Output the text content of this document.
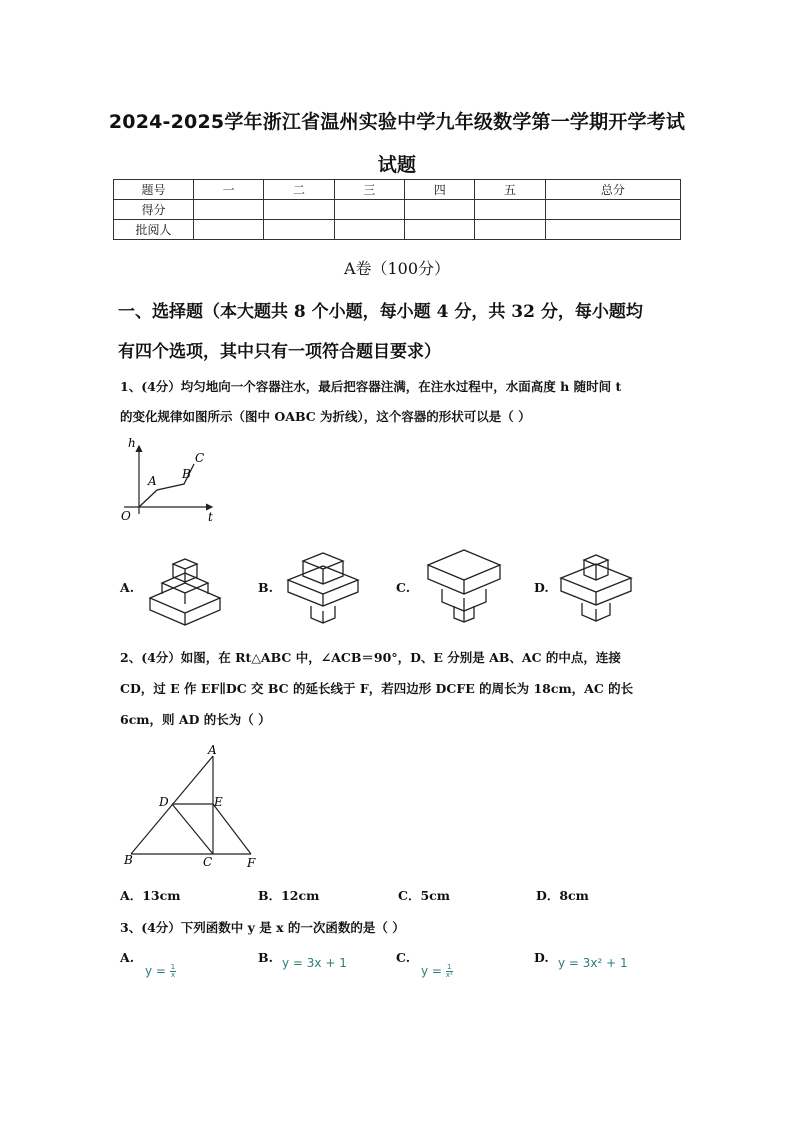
2024-2025学年浙江省温州实验中学九年级数学第一学期开学考试
试题
题号	一	二	三	四	五	总分
得分						
批阅人						
A卷（100分）
一、选择题（本大题共 8 个小题，每小题 4 分，共 32 分，每小题均
有四个选项，其中只有一项符合题目要求）
1、(4分）均匀地向一个容器注水，最后把容器注满，在注水过程中，水面高度 h 随时间 t
的变化规律如图所示（图中 OABC 为折线），这个容器的形状可以是（ ）
h
t
O
A B
C
A.	B.	C.	D.
2、(4分）如图，在 Rt△ABC 中，∠ACB＝90°，D、E 分别是 AB、AC 的中点，连接
CD，过 E 作 EF∥DC 交 BC 的延长线于 F，若四边形 DCFE 的周长为 18cm，AC 的长
6cm，则 AD 的长为（ ）
A
B	C
D	E
F
A．13cm	B．12cm	C．5cm	D．8cm
3、(4分）下列函数中 y 是 x 的一次函数的是（ ）
A.
$y = \frac{1}{x}$
B. y = 3x + 1	C.
$y = \frac{1}{\text{x²}}$
D. y = 3x² + 1
